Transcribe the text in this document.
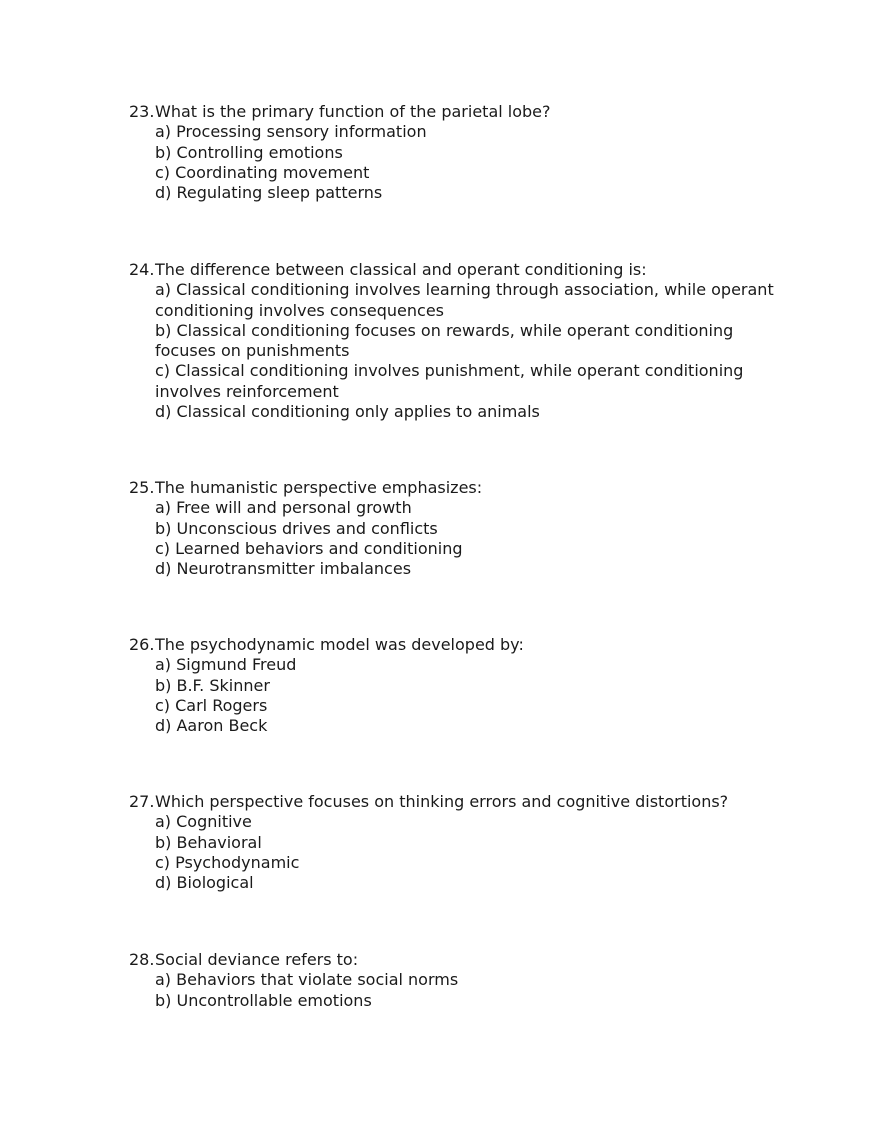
23. What is the primary function of the parietal lobe?
a) Processing sensory information
b) Controlling emotions
c) Coordinating movement
d) Regulating sleep patterns
24. The difference between classical and operant conditioning is:
a) Classical conditioning involves learning through association, while operant conditioning involves consequences
b) Classical conditioning focuses on rewards, while operant conditioning focuses on punishments
c) Classical conditioning involves punishment, while operant conditioning involves reinforcement
d) Classical conditioning only applies to animals
25. The humanistic perspective emphasizes:
a) Free will and personal growth
b) Unconscious drives and conflicts
c) Learned behaviors and conditioning
d) Neurotransmitter imbalances
26. The psychodynamic model was developed by:
a) Sigmund Freud
b) B.F. Skinner
c) Carl Rogers
d) Aaron Beck
27. Which perspective focuses on thinking errors and cognitive distortions?
a) Cognitive
b) Behavioral
c) Psychodynamic
d) Biological
28. Social deviance refers to:
a) Behaviors that violate social norms
b) Uncontrollable emotions
